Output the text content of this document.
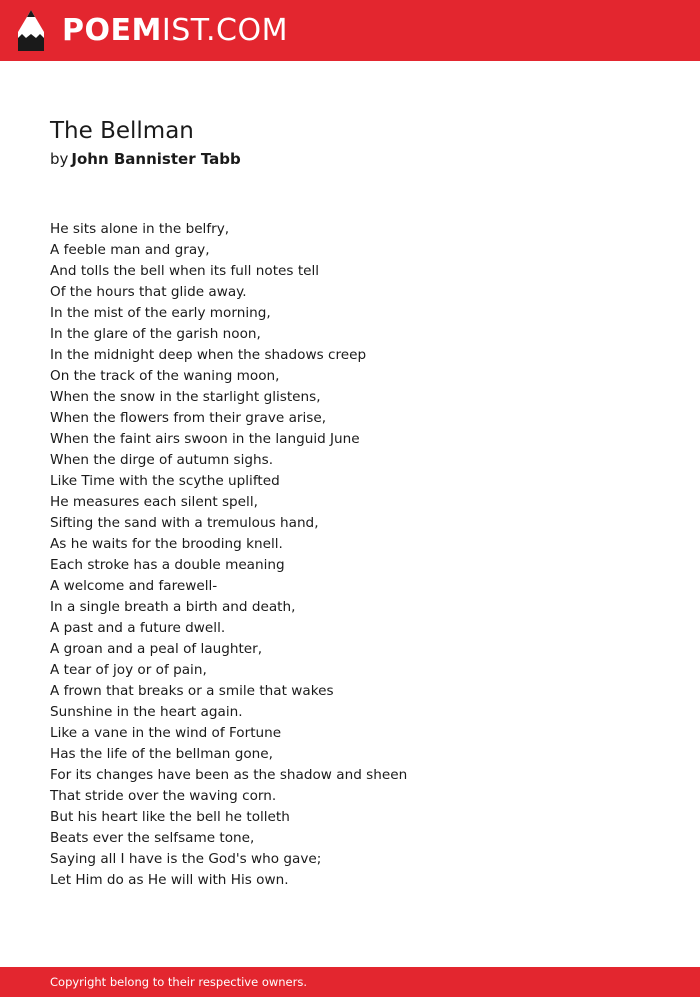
POEMIST.COM
The Bellman
by John Bannister Tabb
He sits alone in the belfry,
A feeble man and gray,
And tolls the bell when its full notes tell
Of the hours that glide away.
In the mist of the early morning,
In the glare of the garish noon,
In the midnight deep when the shadows creep
On the track of the waning moon,
When the snow in the starlight glistens,
When the flowers from their grave arise,
When the faint airs swoon in the languid June
When the dirge of autumn sighs.
Like Time with the scythe uplifted
He measures each silent spell,
Sifting the sand with a tremulous hand,
As he waits for the brooding knell.
Each stroke has a double meaning
A welcome and farewell-
In a single breath a birth and death,
A past and a future dwell.
A groan and a peal of laughter,
A tear of joy or of pain,
A frown that breaks or a smile that wakes
Sunshine in the heart again.
Like a vane in the wind of Fortune
Has the life of the bellman gone,
For its changes have been as the shadow and sheen
That stride over the waving corn.
But his heart like the bell he tolleth
Beats ever the selfsame tone,
Saying all I have is the God's who gave;
Let Him do as He will with His own.
Copyright belong to their respective owners.
